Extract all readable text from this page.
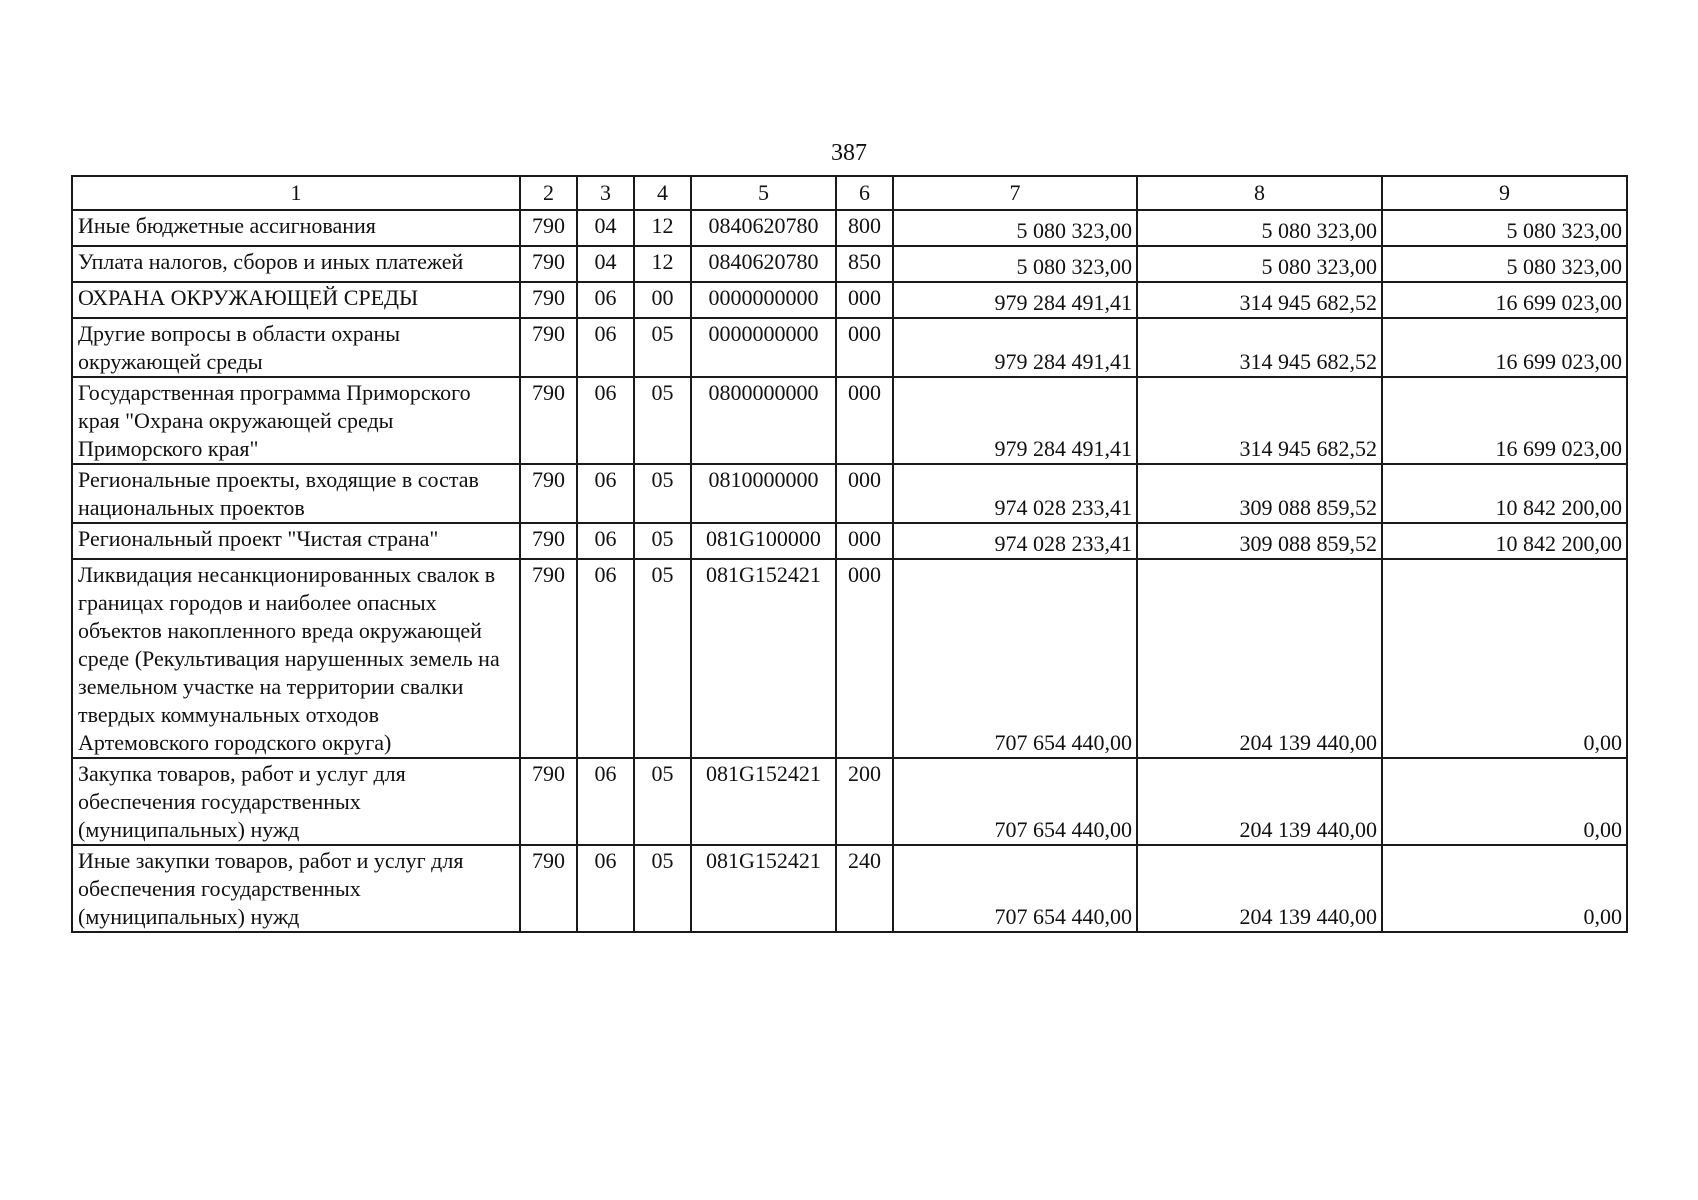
387
1	2	3	4	5	6	7	8	9
Иные бюджетные ассигнования	790	04	12	0840620780	800	5 080 323,00	5 080 323,00	5 080 323,00
Уплата налогов, сборов и иных платежей	790	04	12	0840620780	850	5 080 323,00	5 080 323,00	5 080 323,00
ОХРАНА ОКРУЖАЮЩЕЙ СРЕДЫ	790	06	00	0000000000	000	979 284 491,41	314 945 682,52	16 699 023,00
Другие вопросы в области охраны окружающей среды	790	06	05	0000000000	000	979 284 491,41	314 945 682,52	16 699 023,00
Государственная программа Приморского края "Охрана окружающей среды Приморского края"	790	06	05	0800000000	000	979 284 491,41	314 945 682,52	16 699 023,00
Региональные проекты, входящие в состав национальных проектов	790	06	05	0810000000	000	974 028 233,41	309 088 859,52	10 842 200,00
Региональный проект "Чистая страна"	790	06	05	081G100000	000	974 028 233,41	309 088 859,52	10 842 200,00
Ликвидация несанкционированных свалок в границах городов и наиболее опасных объектов накопленного вреда окружающей среде (Рекультивация нарушенных земель на земельном участке на территории свалки твердых коммунальных отходов Артемовского городского округа)	790	06	05	081G152421	000	707 654 440,00	204 139 440,00	0,00
Закупка товаров, работ и услуг для обеспечения государственных (муниципальных) нужд	790	06	05	081G152421	200	707 654 440,00	204 139 440,00	0,00
Иные закупки товаров, работ и услуг для обеспечения государственных (муниципальных) нужд	790	06	05	081G152421	240	707 654 440,00	204 139 440,00	0,00
